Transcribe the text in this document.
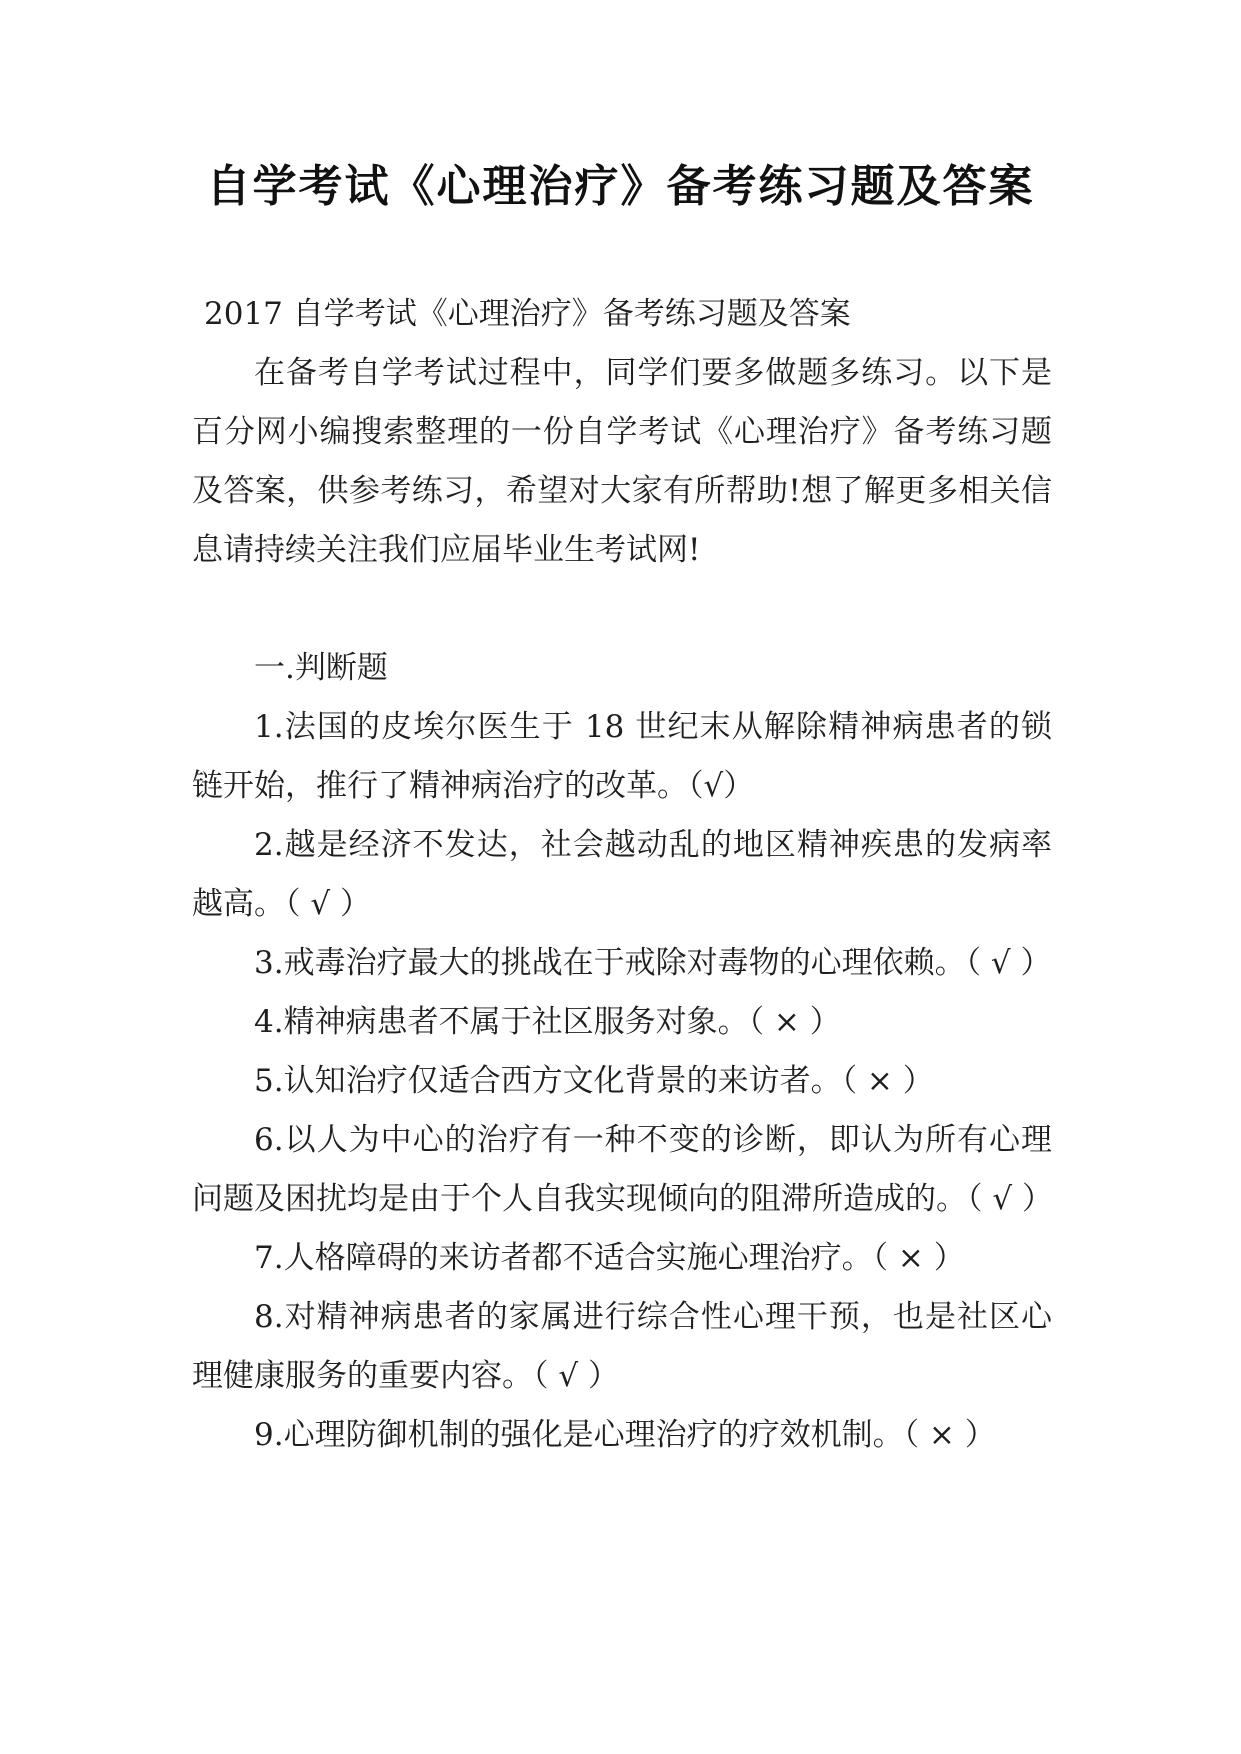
自学考试《心理治疗》备考练习题及答案

2017 自学考试《心理治疗》备考练习题及答案

在备考自学考试过程中，同学们要多做题多练习。以下是百分网小编搜索整理的一份自学考试《心理治疗》备考练习题及答案，供参考练习，希望对大家有所帮助!想了解更多相关信息请持续关注我们应届毕业生考试网!

一.判断题

1.法国的皮埃尔医生于 18 世纪末从解除精神病患者的锁链开始，推行了精神病治疗的改革。（√）

2.越是经济不发达，社会越动乱的地区精神疾患的发病率越高。（ √ ）

3.戒毒治疗最大的挑战在于戒除对毒物的心理依赖。（ √ ）

4.精神病患者不属于社区服务对象。（ × ）

5.认知治疗仅适合西方文化背景的来访者。（ × ）

6.以人为中心的治疗有一种不变的诊断，即认为所有心理问题及困扰均是由于个人自我实现倾向的阻滞所造成的。（ √ ）

7.人格障碍的来访者都不适合实施心理治疗。（ × ）

8.对精神病患者的家属进行综合性心理干预，也是社区心理健康服务的重要内容。（ √ ）

9.心理防御机制的强化是心理治疗的疗效机制。（ × ）
